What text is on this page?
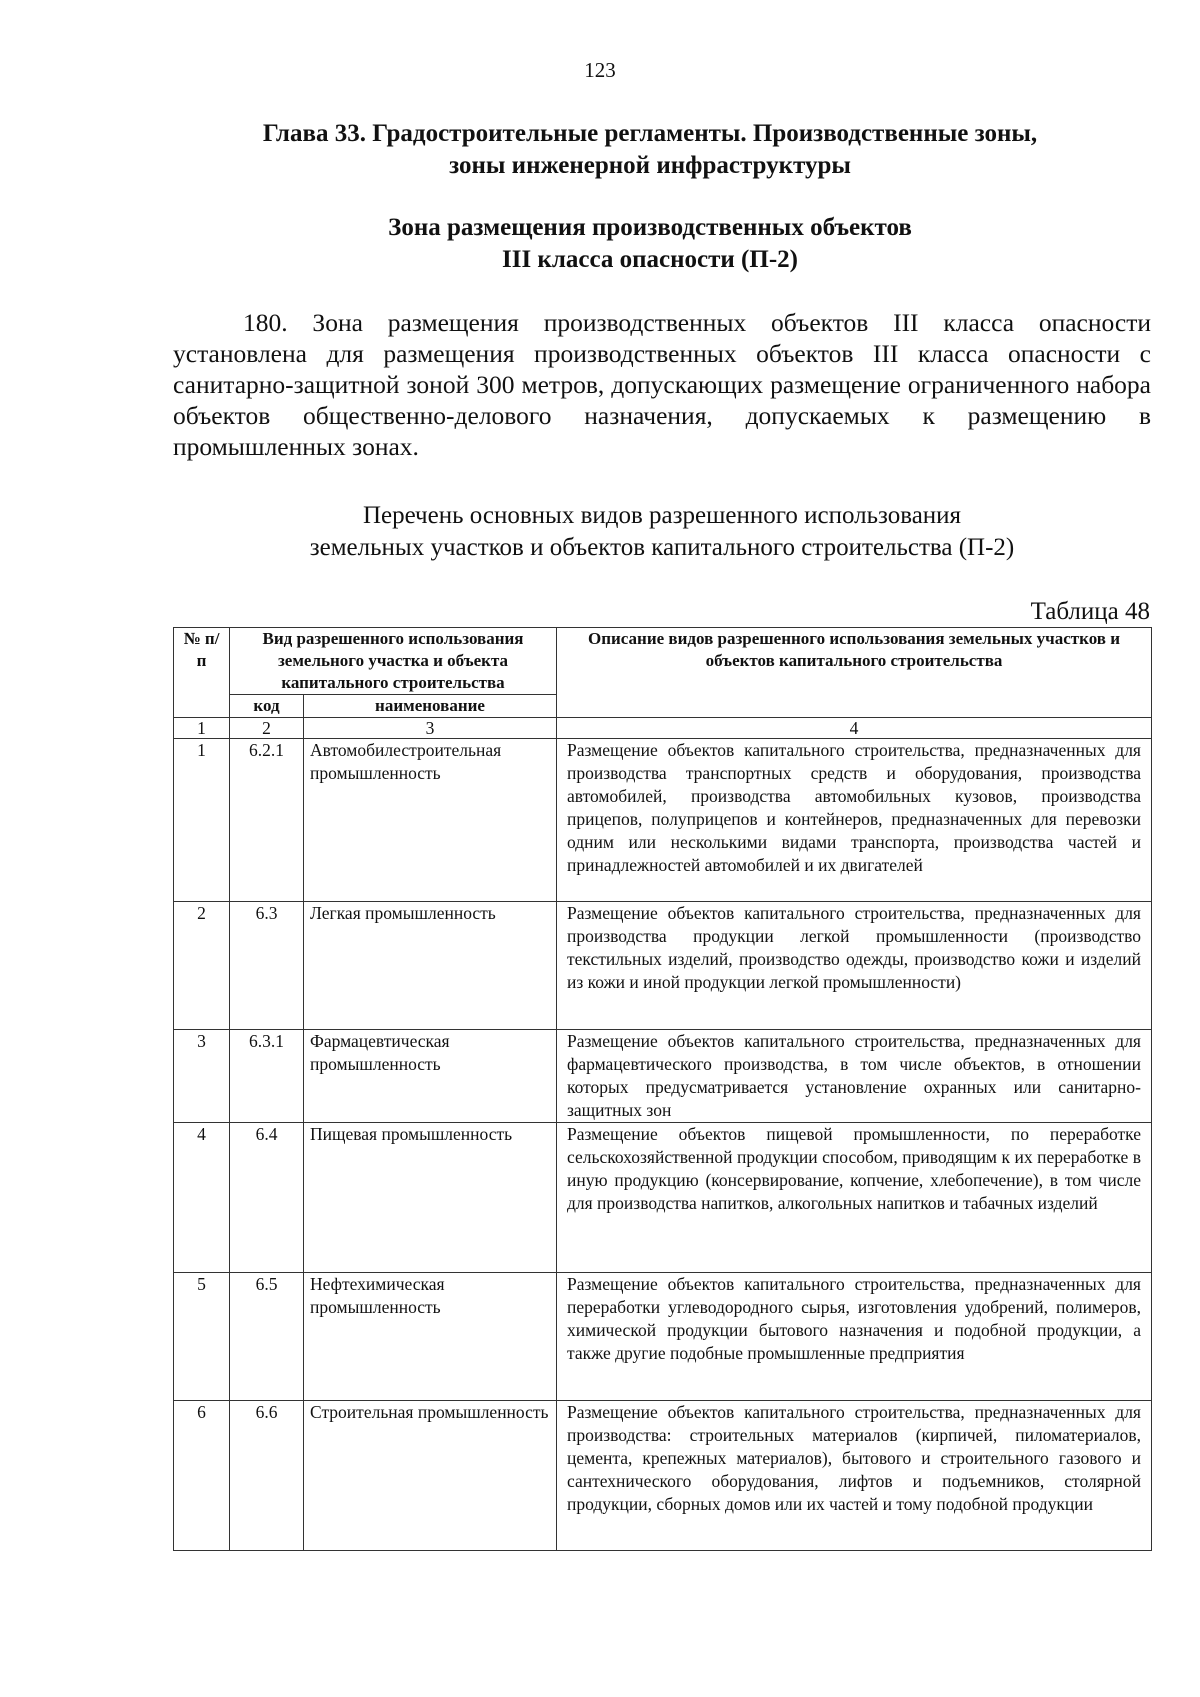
123
Глава 33. Градостроительные регламенты. Производственные зоны,
зоны инженерной инфраструктуры
Зона размещения производственных объектов
III класса опасности (П-2)
180. Зона размещения производственных объектов III класса опасности установлена для размещения производственных объектов III класса опасности с санитарно-защитной зоной 300 метров, допускающих размещение ограниченного набора объектов общественно-делового назначения, допускаемых к размещению в промышленных зонах.
Перечень основных видов разрешенного использования
земельных участков и объектов капитального строительства (П-2)
Таблица 48
№ п/п	Вид разрешенного использования земельного участка и объекта капитального строительства		Описание видов разрешенного использования земельных участков и объектов капитального строительства
	код	наименование	
1	2	3	4
1	6.2.1	Автомобилестроительная промышленность	Размещение объектов капитального строительства, предназначенных для производства транспортных средств и оборудования, производства автомобилей, производства автомобильных кузовов, производства прицепов, полуприцепов и контейнеров, предназначенных для перевозки одним или несколькими видами транспорта, производства частей и принадлежностей автомобилей и их двигателей
2	6.3	Легкая промышленность	Размещение объектов капитального строительства, предназначенных для производства продукции легкой промышленности (производство текстильных изделий, производство одежды, производство кожи и изделий из кожи и иной продукции легкой промышленности)
3	6.3.1	Фармацевтическая промышленность	Размещение объектов капитального строительства, предназначенных для фармацевтического производства, в том числе объектов, в отношении которых предусматривается установление охранных или санитарно-защитных зон
4	6.4	Пищевая промышленность	Размещение объектов пищевой промышленности, по переработке сельскохозяйственной продукции способом, приводящим к их переработке в иную продукцию (консервирование, копчение, хлебопечение), в том числе для производства напитков, алкогольных напитков и табачных изделий
5	6.5	Нефтехимическая промышленность	Размещение объектов капитального строительства, предназначенных для переработки углеводородного сырья, изготовления удобрений, полимеров, химической продукции бытового назначения и подобной продукции, а также другие подобные промышленные предприятия
6	6.6	Строительная промышленность	Размещение объектов капитального строительства, предназначенных для производства: строительных материалов (кирпичей, пиломатериалов, цемента, крепежных материалов), бытового и строительного газового и сантехнического оборудования, лифтов и подъемников, столярной продукции, сборных домов или их частей и тому подобной продукции
